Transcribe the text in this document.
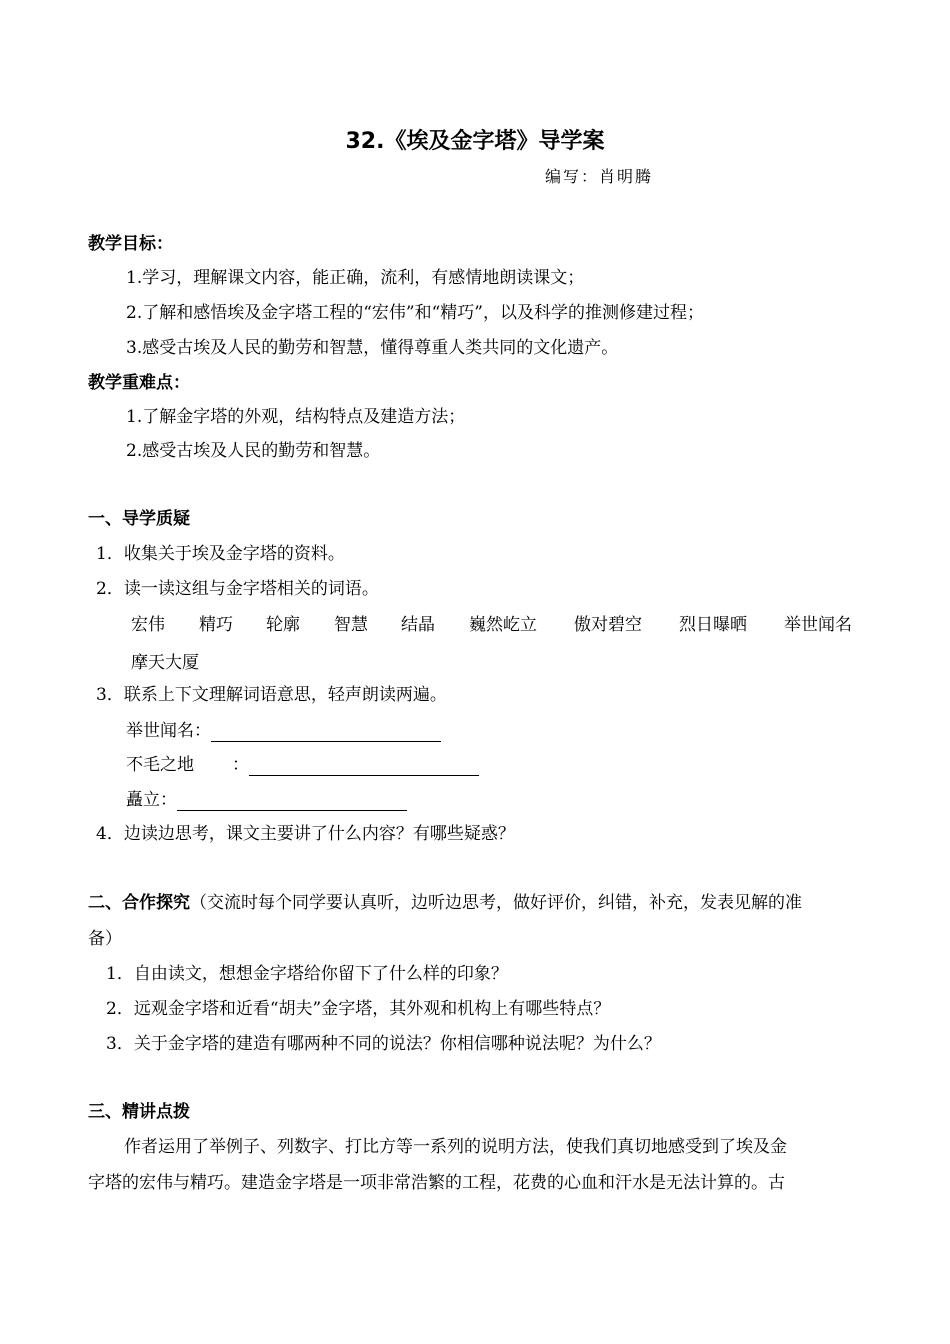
32.《埃及金字塔》导学案
编写：肖明腾
教学目标：
1.学习，理解课文内容，能正确，流利，有感情地朗读课文；
2.了解和感悟埃及金字塔工程的“宏伟”和“精巧”，以及科学的推测修建过程；
3.感受古埃及人民的勤劳和智慧，懂得尊重人类共同的文化遗产。
教学重难点：
1.了解金字塔的外观，结构特点及建造方法；
2.感受古埃及人民的勤劳和智慧。
一、导学质疑
1．收集关于埃及金字塔的资料。
2．读一读这组与金字塔相关的词语。
宏伟 精巧 轮廓 智慧 结晶 巍然屹立 傲对碧空 烈日曝晒 举世闻名
摩天大厦
3．联系上下文理解词语意思，轻声朗读两遍。
举世闻名：
不毛之地 ：
矗立：
4．边读边思考，课文主要讲了什么内容？有哪些疑惑？
二、合作探究（交流时每个同学要认真听，边听边思考，做好评价，纠错，补充，发表见解的准
备）
1．自由读文，想想金字塔给你留下了什么样的印象？
2．远观金字塔和近看“胡夫”金字塔，其外观和机构上有哪些特点？
3．关于金字塔的建造有哪两种不同的说法？你相信哪种说法呢？为什么？
三、精讲点拨
作者运用了举例子、列数字、打比方等一系列的说明方法，使我们真切地感受到了埃及金
字塔的宏伟与精巧。建造金字塔是一项非常浩繁的工程，花费的心血和汗水是无法计算的。古
